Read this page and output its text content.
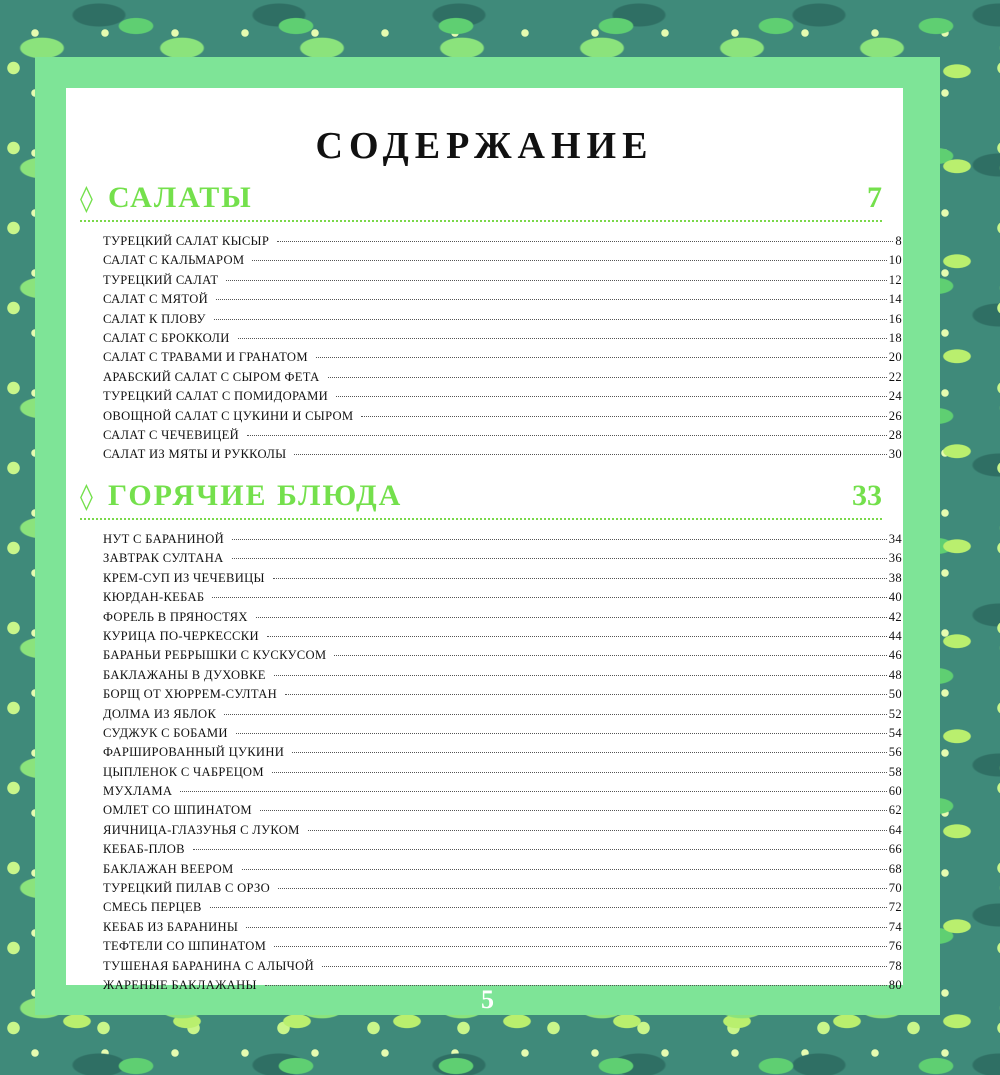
СОДЕРЖАНИЕ
◊ САЛАТЫ	7
ТУРЕЦКИЙ САЛАТ КЫСЫР	8
САЛАТ С КАЛЬМАРОМ	10
ТУРЕЦКИЙ САЛАТ	12
САЛАТ С МЯТОЙ	14
САЛАТ К ПЛОВУ	16
САЛАТ С БРОККОЛИ	18
САЛАТ С ТРАВАМИ И ГРАНАТОМ	20
АРАБСКИЙ САЛАТ С СЫРОМ ФЕТА	22
ТУРЕЦКИЙ САЛАТ С ПОМИДОРАМИ	24
ОВОЩНОЙ САЛАТ С ЦУКИНИ И СЫРОМ	26
САЛАТ С ЧЕЧЕВИЦЕЙ	28
САЛАТ ИЗ МЯТЫ И РУККОЛЫ	30
◊ ГОРЯЧИЕ БЛЮДА	33
НУТ С БАРАНИНОЙ	34
ЗАВТРАК СУЛТАНА	36
КРЕМ-СУП ИЗ ЧЕЧЕВИЦЫ	38
КЮРДАН-КЕБАБ	40
ФОРЕЛЬ В ПРЯНОСТЯХ	42
КУРИЦА ПО-ЧЕРКЕССКИ	44
БАРАНЬИ РЕБРЫШКИ С КУСКУСОМ	46
БАКЛАЖАНЫ В ДУХОВКЕ	48
БОРЩ ОТ ХЮРРЕМ-СУЛТАН	50
ДОЛМА ИЗ ЯБЛОК	52
СУДЖУК С БОБАМИ	54
ФАРШИРОВАННЫЙ ЦУКИНИ	56
ЦЫПЛЕНОК С ЧАБРЕЦОМ	58
МУХЛАМА	60
ОМЛЕТ СО ШПИНАТОМ	62
ЯИЧНИЦА-ГЛАЗУНЬЯ С ЛУКОМ	64
КЕБАБ-ПЛОВ	66
БАКЛАЖАН ВЕЕРОМ	68
ТУРЕЦКИЙ ПИЛАВ С ОРЗО	70
СМЕСЬ ПЕРЦЕВ	72
КЕБАБ ИЗ БАРАНИНЫ	74
ТЕФТЕЛИ СО ШПИНАТОМ	76
ТУШЕНАЯ БАРАНИНА С АЛЫЧОЙ	78
ЖАРЕНЫЕ БАКЛАЖАНЫ	80
5
